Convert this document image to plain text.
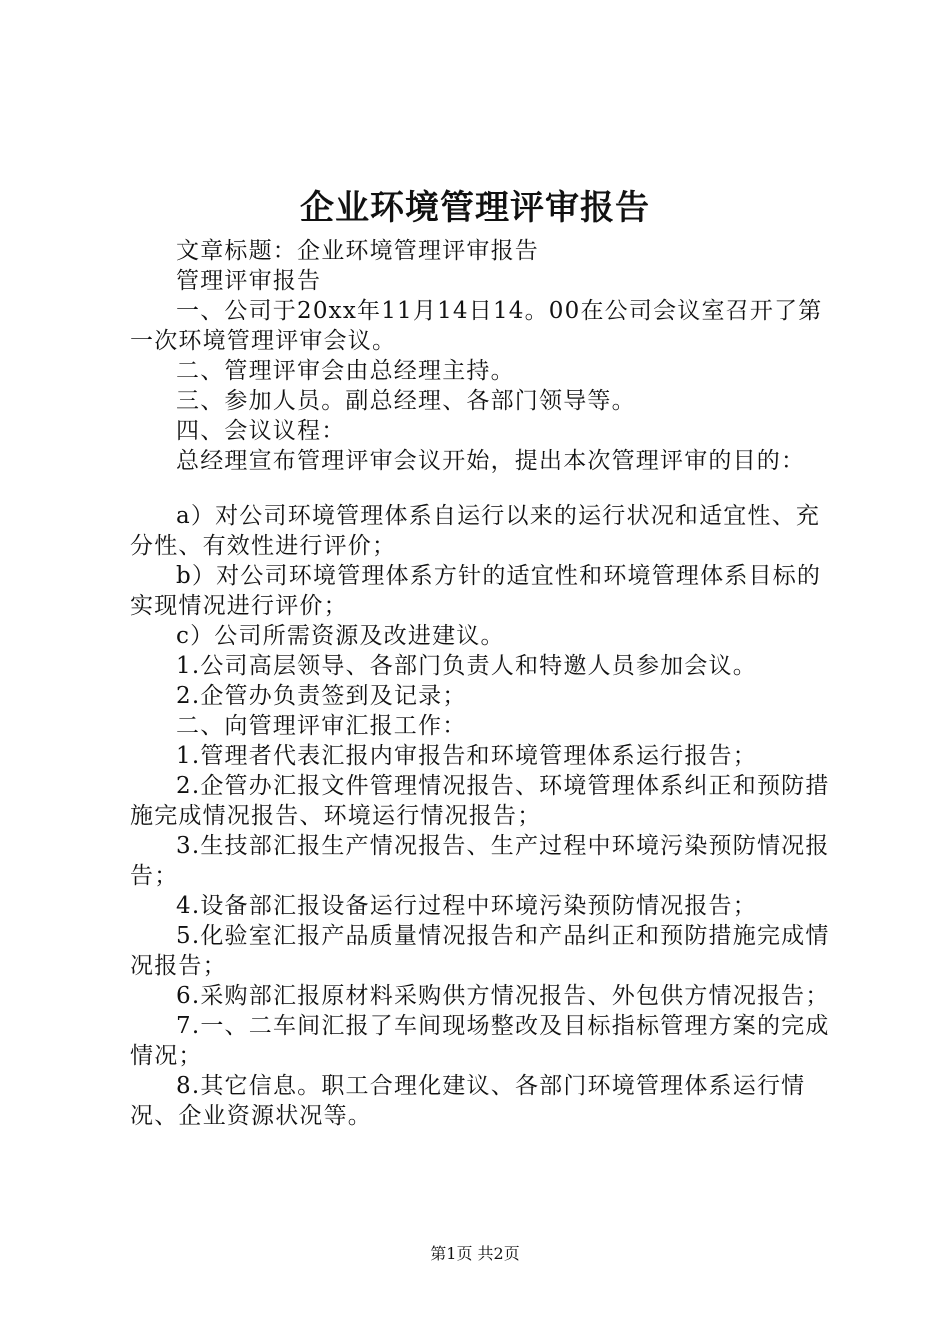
企业环境管理评审报告

文章标题：企业环境管理评审报告

管理评审报告

一、公司于20xx年11月14日14。00在公司会议室召开了第一次环境管理评审会议。

二、管理评审会由总经理主持。

三、参加人员。副总经理、各部门领导等。

四、会议议程：

总经理宣布管理评审会议开始，提出本次管理评审的目的：

a）对公司环境管理体系自运行以来的运行状况和适宜性、充分性、有效性进行评价；

b）对公司环境管理体系方针的适宜性和环境管理体系目标的实现情况进行评价；

c）公司所需资源及改进建议。

1.公司高层领导、各部门负责人和特邀人员参加会议。

2.企管办负责签到及记录；

二、向管理评审汇报工作：

1.管理者代表汇报内审报告和环境管理体系运行报告；

2.企管办汇报文件管理情况报告、环境管理体系纠正和预防措施完成情况报告、环境运行情况报告；

3.生技部汇报生产情况报告、生产过程中环境污染预防情况报告；

4.设备部汇报设备运行过程中环境污染预防情况报告；

5.化验室汇报产品质量情况报告和产品纠正和预防措施完成情况报告；

6.采购部汇报原材料采购供方情况报告、外包供方情况报告；

7.一、二车间汇报了车间现场整改及目标指标管理方案的完成情况；

8.其它信息。职工合理化建议、各部门环境管理体系运行情况、企业资源状况等。

第1页 共2页
